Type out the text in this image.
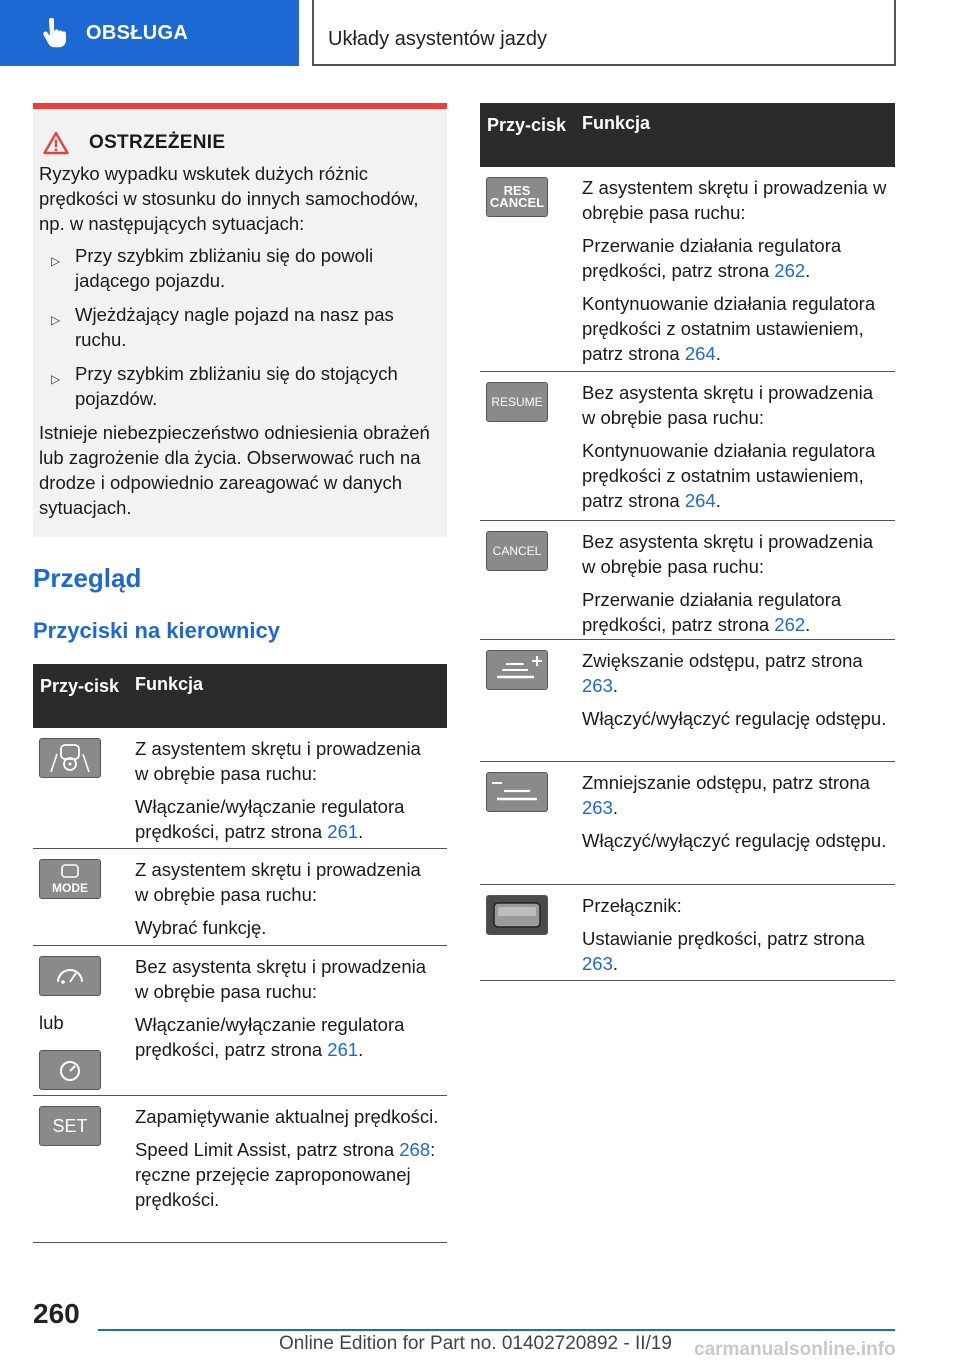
OBSŁUGA	Układy asystentów jazdy
OSTRZEŻENIE

Ryzyko wypadku wskutek dużych różnic prędkości w stosunku do innych samochodów, np. w następujących sytuacjach:

▷ Przy szybkim zbliżaniu się do powoli jadącego pojazdu.
▷ Wjeżdżający nagle pojazd na nasz pas ruchu.
▷ Przy szybkim zbliżaniu się do stojących pojazdów.

Istnieje niebezpieczeństwo odniesienia obrażeń lub zagrożenie dla życia. Obserwować ruch na drodze i odpowiednio zareagować w danych sytuacjach.

Przegląd
Przyciski na kierownicy
Przy-cisk Funkcja

Z asystentem skrętu i prowadzenia w obrębie pasa ruchu:

Włączanie/wyłączanie regulatora prędkości, patrz strona 261.

MODE

Z asystentem skrętu i prowadzenia w obrębie pasa ruchu:

Wybrać funkcję.

lub

Bez asystenta skrętu i prowadzenia w obrębie pasa ruchu:

Włączanie/wyłączanie regulatora prędkości, patrz strona 261.

SET	Zapamiętywanie aktualnej prędkości.

Speed Limit Assist, patrz strona 268: ręczne przejęcie zaproponowanej prędkości.

Przy-cisk Funkcja
RES CANCEL

Z asystentem skrętu i prowadzenia w obrębie pasa ruchu:

Przerwanie działania regulatora prędkości, patrz strona 262.

Kontynuowanie działania regulatora prędkości z ostatnim ustawieniem, patrz strona 264.

RESUME Bez asystenta skrętu i prowadzenia w obrębie pasa ruchu:

Kontynuowanie działania regulatora prędkości z ostatnim ustawieniem, patrz strona 264.

CANCEL Bez asystenta skrętu i prowadzenia w obrębie pasa ruchu:

Przerwanie działania regulatora prędkości, patrz strona 262.

Zwiększanie odstępu, patrz strona 263.

Włączyć/wyłączyć regulację odstępu.

Zmniejszanie odstępu, patrz strona 263.

Włączyć/wyłączyć regulację odstępu.

Przełącznik:

Ustawianie prędkości, patrz strona 263.

260
Online Edition for Part no. 01402720892 - II/19 carmanualsonline.info
